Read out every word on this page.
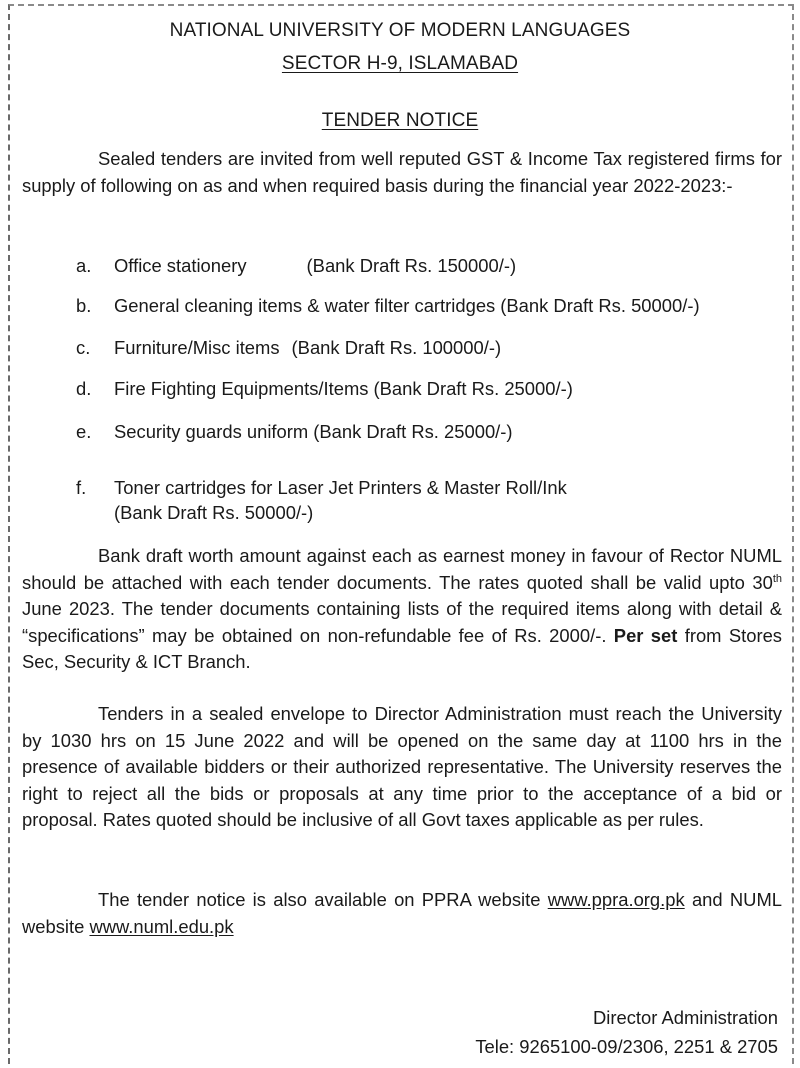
NATIONAL UNIVERSITY OF MODERN LANGUAGES
SECTOR H-9, ISLAMABAD
TENDER NOTICE

Sealed tenders are invited from well reputed GST & Income Tax registered firms for supply of following on as and when required basis during the financial year 2022-2023:-

a. Office stationery	(Bank Draft Rs. 150000/-)
b. General cleaning items & water filter cartridges (Bank Draft Rs. 50000/-)
c. Furniture/Misc items (Bank Draft Rs. 100000/-)
d. Fire Fighting Equipments/Items (Bank Draft Rs. 25000/-)
e. Security guards uniform (Bank Draft Rs. 25000/-)
f. Toner cartridges for Laser Jet Printers & Master Roll/Ink
(Bank Draft Rs. 50000/-)

Bank draft worth amount against each as earnest money in favour of Rector NUML should be attached with each tender documents. The rates quoted shall be valid upto 30th June 2023. The tender documents containing lists of the required items along with detail & “specifications” may be obtained on non-refundable fee of Rs. 2000/-. Per set from Stores Sec, Security & ICT Branch.

Tenders in a sealed envelope to Director Administration must reach the University by 1030 hrs on 15 June 2022 and will be opened on the same day at 1100 hrs in the presence of available bidders or their authorized representative. The University reserves the right to reject all the bids or proposals at any time prior to the acceptance of a bid or proposal. Rates quoted should be inclusive of all Govt taxes applicable as per rules.

The tender notice is also available on PPRA website www.ppra.org.pk and NUML website www.numl.edu.pk

Director Administration
Tele: 9265100-09/2306, 2251 & 2705
